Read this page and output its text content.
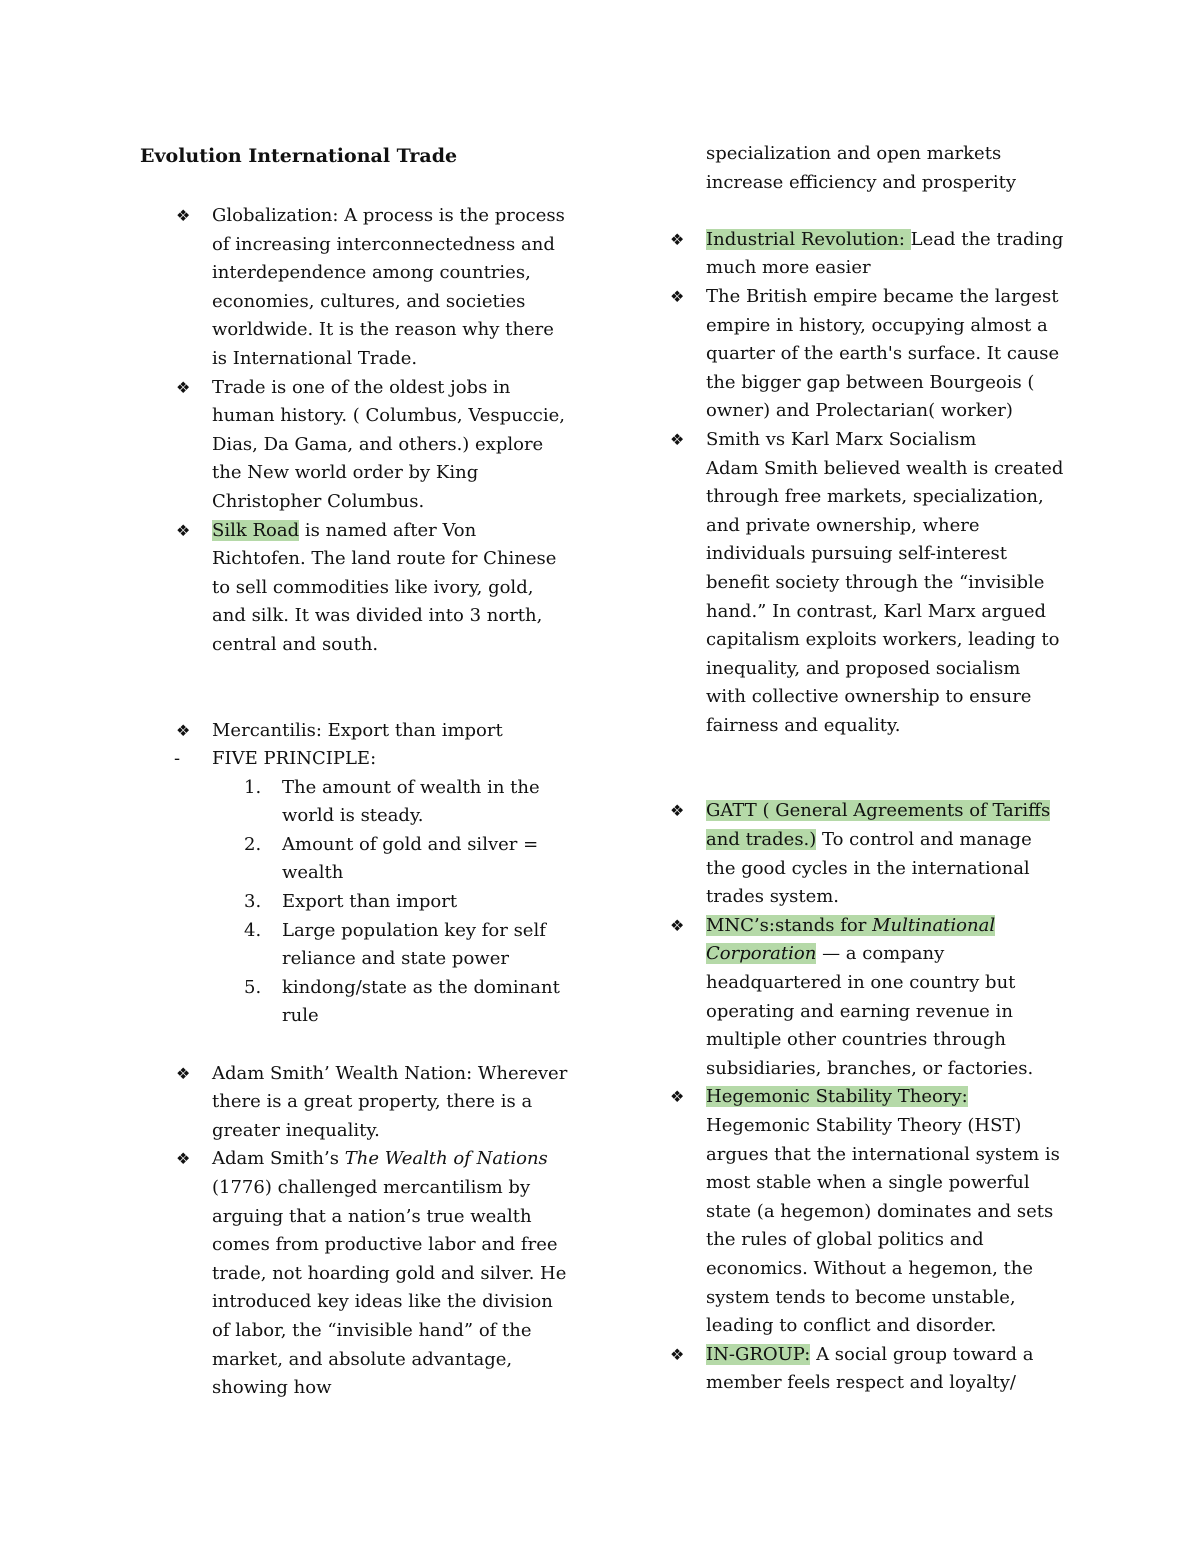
Evolution International Trade
❖	Globalization: A process is the process of increasing interconnectedness and interdependence among countries, economies, cultures, and societies worldwide. It is the reason why there is International Trade.
❖	Trade is one of the oldest jobs in human history. ( Columbus, Vespuccie, Dias, Da Gama, and others.) explore the New world order by King Christopher Columbus.
❖	Silk Road is named after Von Richtofen. The land route for Chinese to sell commodities like ivory, gold, and silk. It was divided into 3 north, central and south.
❖	Mercantilis: Export than import
- FIVE PRINCIPLE:
1.	The amount of wealth in the world is steady.
2.	Amount of gold and silver = wealth
3.	Export than import
4.	Large population key for self reliance and state power
5.	kindong/state as the dominant rule
❖	Adam Smith’ Wealth Nation: Wherever there is a great property, there is a greater inequality.
❖	Adam Smith’s The Wealth of Nations (1776) challenged mercantilism by arguing that a nation’s true wealth comes from productive labor and free trade, not hoarding gold and silver. He introduced key ideas like the division of labor, the “invisible hand” of the market, and absolute advantage, showing how
specialization and open markets increase efficiency and prosperity
❖	Industrial Revolution: Lead the trading much more easier
❖	The British empire became the largest empire in history, occupying almost a quarter of the earth's surface. It cause the bigger gap between Bourgeois ( owner) and Prolectarian( worker)
❖	Smith vs Karl Marx Socialism
Adam Smith believed wealth is created through free markets, specialization, and private ownership, where individuals pursuing self-interest benefit society through the “invisible hand.” In contrast, Karl Marx argued capitalism exploits workers, leading to inequality, and proposed socialism with collective ownership to ensure fairness and equality.
❖	GATT ( General Agreements of Tariffs and trades.) To control and manage the good cycles in the international trades system.
❖	MNC’s:stands for Multinational Corporation — a company headquartered in one country but operating and earning revenue in multiple other countries through subsidiaries, branches, or factories.
❖	Hegemonic Stability Theory: Hegemonic Stability Theory (HST) argues that the international system is most stable when a single powerful state (a hegemon) dominates and sets the rules of global politics and economics. Without a hegemon, the system tends to become unstable, leading to conflict and disorder.
❖	IN-GROUP: A social group toward a member feels respect and loyalty/
